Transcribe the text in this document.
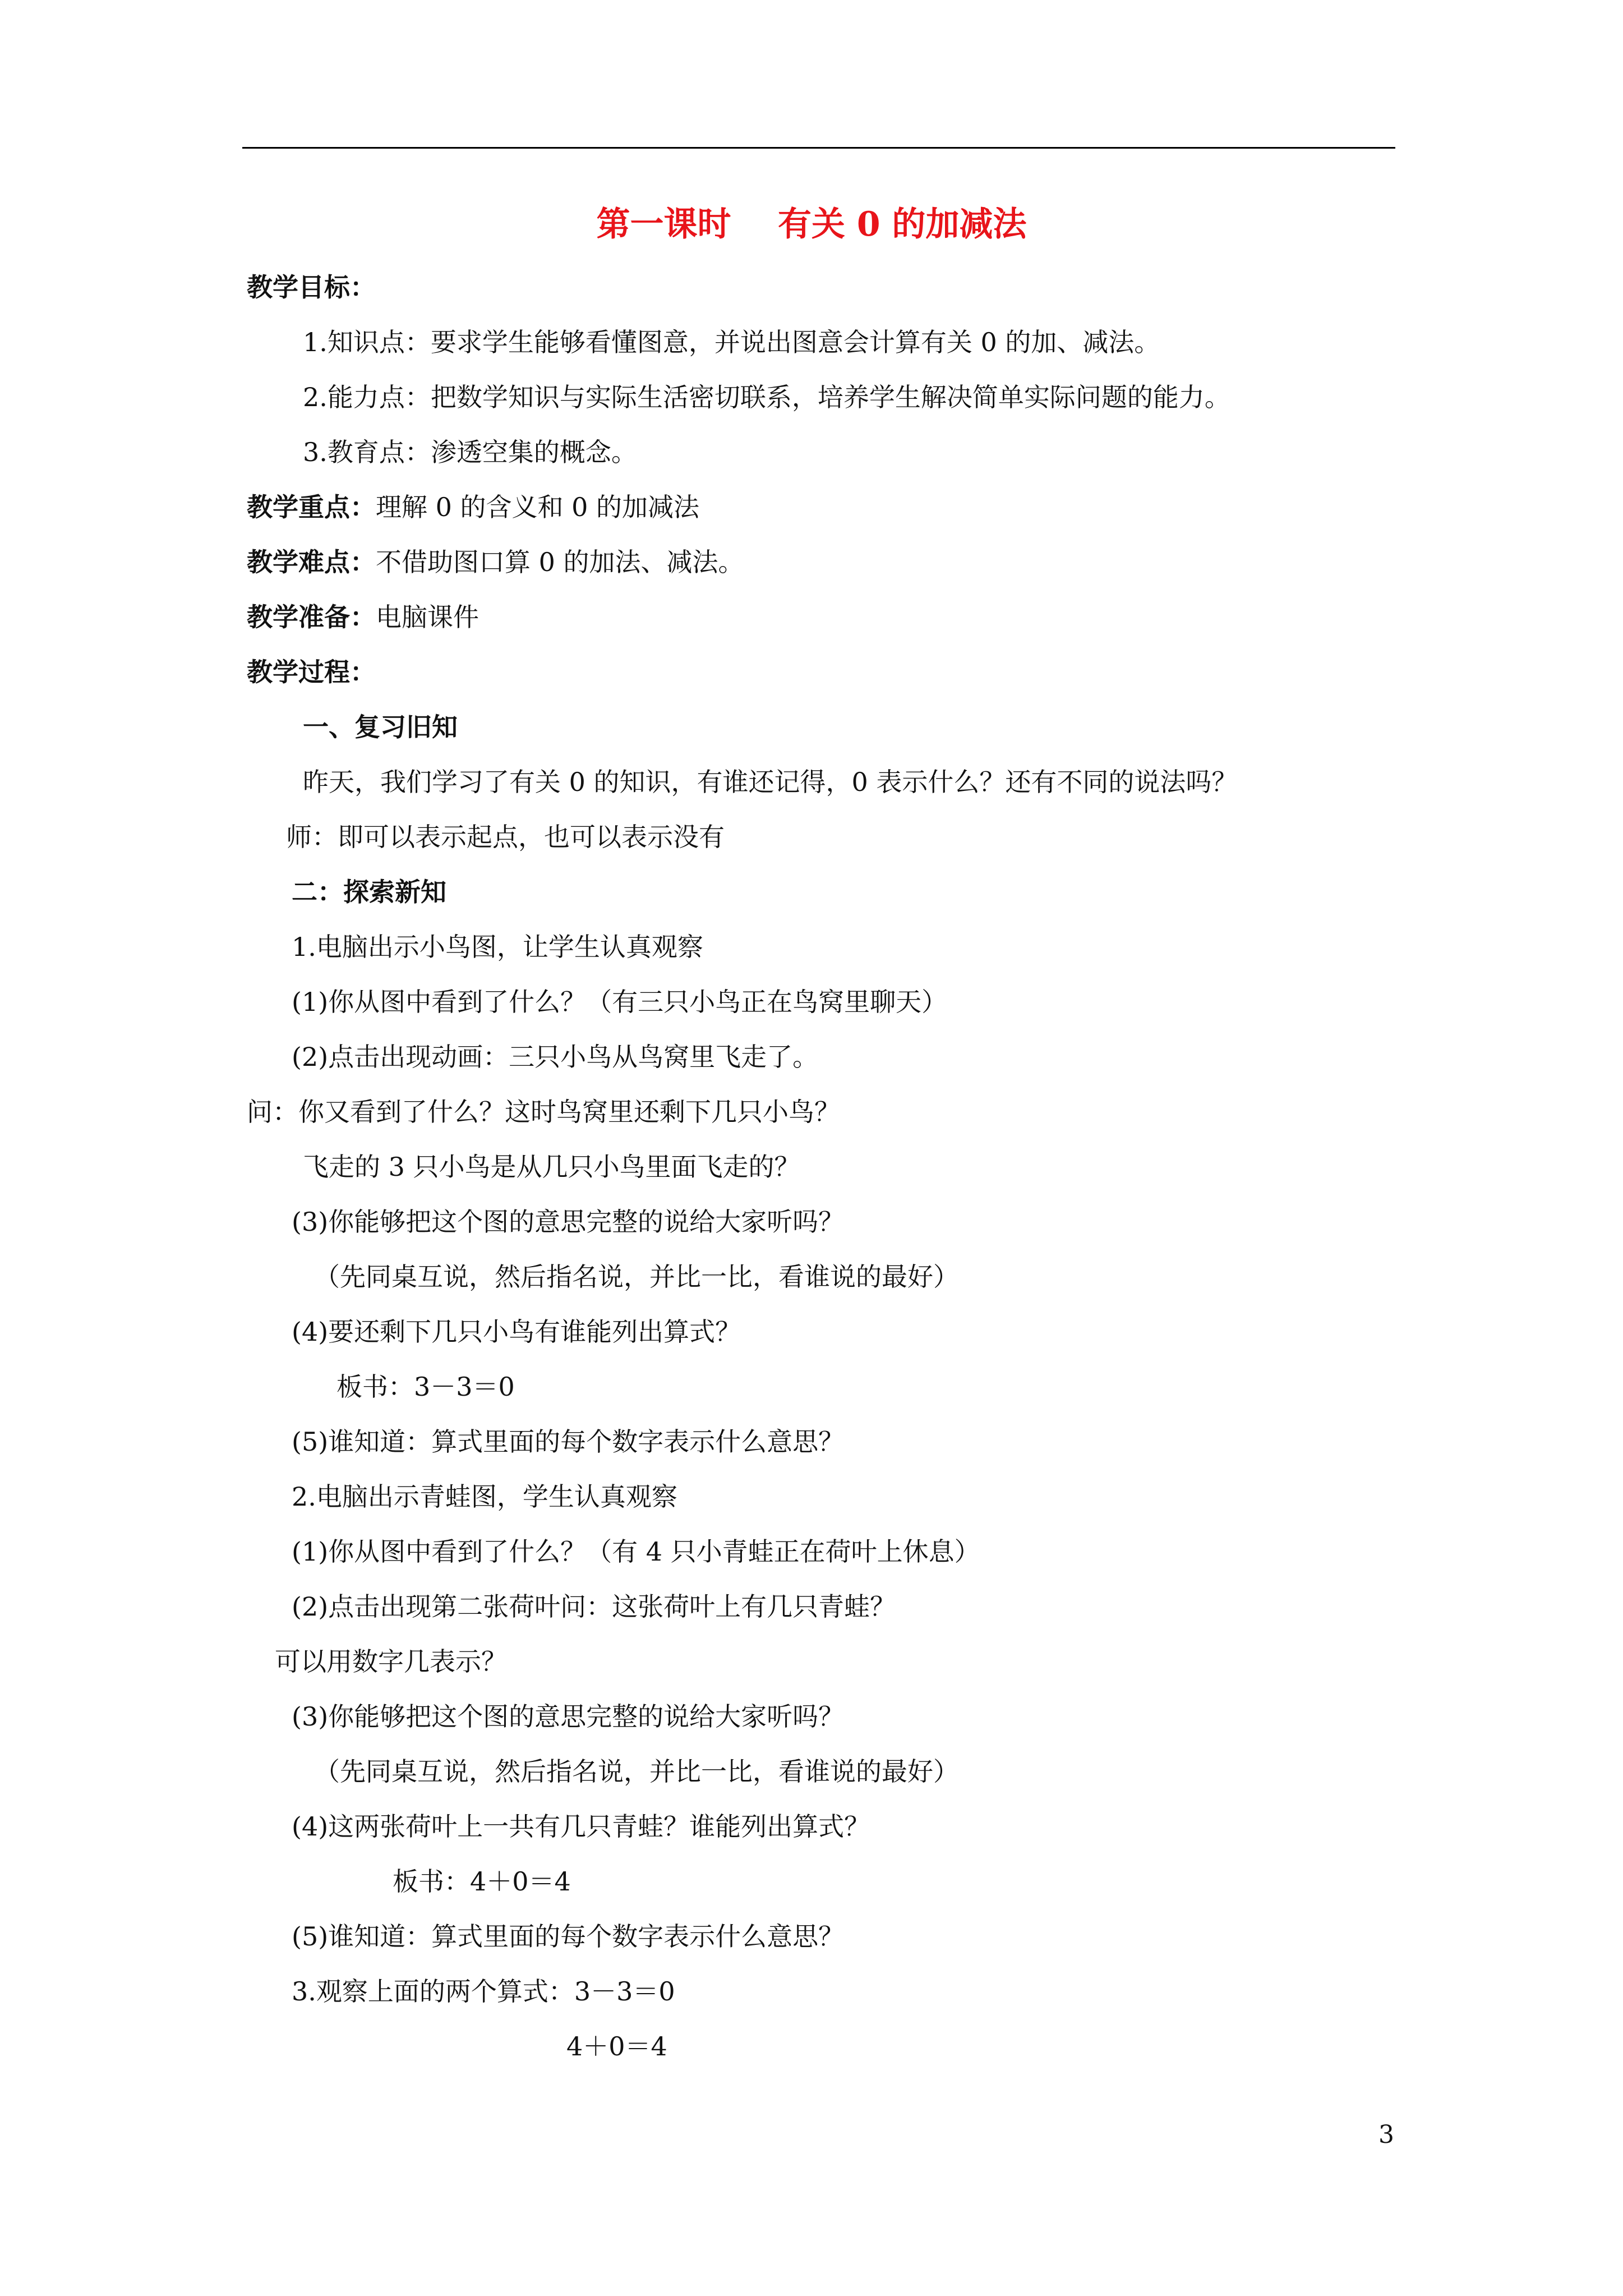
第一课时    有关 0 的加减法
教学目标：
1.知识点：要求学生能够看懂图意，并说出图意会计算有关 0 的加、减法。
2.能力点：把数学知识与实际生活密切联系，培养学生解决简单实际问题的能力。
3.教育点：渗透空集的概念。
教学重点：理解 0 的含义和 0 的加减法
教学难点：不借助图口算 0 的加法、减法。
教学准备：电脑课件
教学过程：
一、复习旧知
昨天，我们学习了有关 0 的知识，有谁还记得，0 表示什么？还有不同的说法吗？
师：即可以表示起点，也可以表示没有
二：探索新知
1.电脑出示小鸟图，让学生认真观察
(1)你从图中看到了什么？（有三只小鸟正在鸟窝里聊天）
(2)点击出现动画：三只小鸟从鸟窝里飞走了。
问：你又看到了什么？这时鸟窝里还剩下几只小鸟？
飞走的 3 只小鸟是从几只小鸟里面飞走的？
(3)你能够把这个图的意思完整的说给大家听吗？
（先同桌互说，然后指名说，并比一比，看谁说的最好）
(4)要还剩下几只小鸟有谁能列出算式？
板书：3－3＝0
(5)谁知道：算式里面的每个数字表示什么意思？
2.电脑出示青蛙图，学生认真观察
(1)你从图中看到了什么？（有 4 只小青蛙正在荷叶上休息）
(2)点击出现第二张荷叶问：这张荷叶上有几只青蛙？
可以用数字几表示？
(3)你能够把这个图的意思完整的说给大家听吗？
（先同桌互说，然后指名说，并比一比，看谁说的最好）
(4)这两张荷叶上一共有几只青蛙？谁能列出算式？
板书：4＋0＝4
(5)谁知道：算式里面的每个数字表示什么意思？
3.观察上面的两个算式：3－3＝0
4＋0＝4
3
